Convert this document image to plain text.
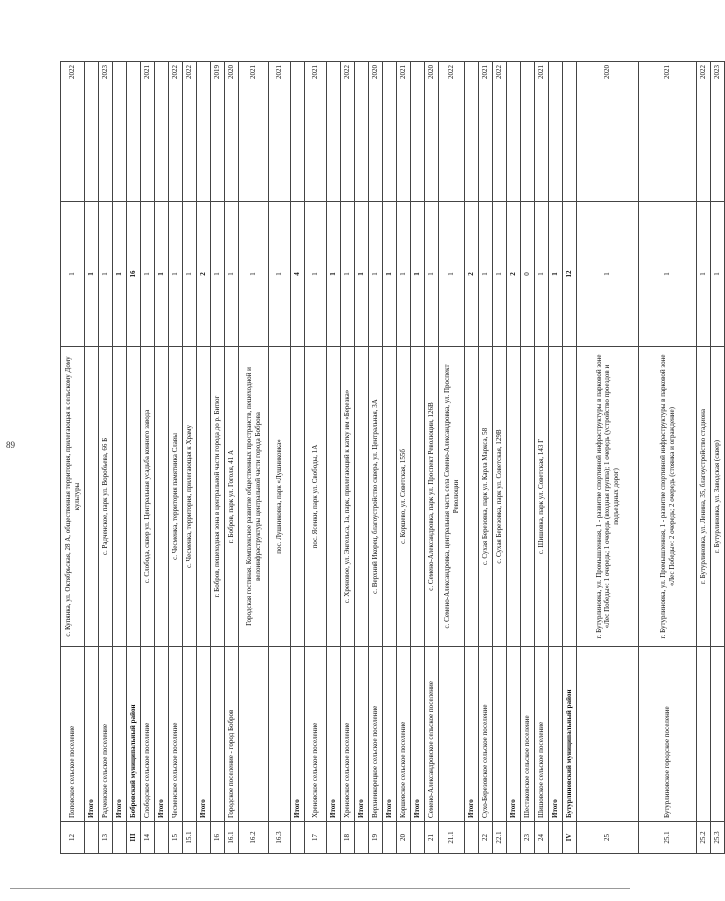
89
12	Поповское сельское поселение	с. Купянка, ул. Октябрьская, 28 А, общественная территория, прилегающая к сельскому Дому культуры	1	2022
	Итого		1	
13	Радченское сельское поселение	с. Радченское, парк ул. Воробьева, 66 Б	1	2023
	Итого		1	
III	Бобровский муниципальный район		16	
14	Слободское сельское поселение	с. Слобода, сквер ул. Центральная усадьба конного завода	1	2021
	Итого		1	
15	Чесменское сельское поселение	с. Чесменка, территория памятника Славы	1	2022
15.1		с. Чесменка, территория, прилегающая к Храму	1	2022
	Итого		2	
16		г. Бобров, пешеходная зона в центральной части города до р. Битюг	1	2019
16.1	Городское поселение - город Бобров	г. Бобров, парк ул. Гоголя, 41 А	1	2020
16.2		Городская гостиная. Комплексное развитие общественных пространств, пешеходной и велоинфраструктуры центральной части города Боброва	1	2021
16.3		пос. Лушниковка, парк «Лушниковка»	1	2021
	Итого		4	
17	Хреновское сельское поселение	пос. Ясенки, парк ул. Свободы, 1А	1	2021
	Итого		1	
18	Хреновское сельское поселение	с. Хреновое, ул. Энгельса, 1а, парк, прилегающий к катку им «Березка»	1	2022
	Итого		1	
19	Верхнеикорецкое сельское поселение	с. Верхний Икорец, благоустройство сквера, ул. Центральная, 3А	1	2020
	Итого		1	
20	Коршевское сельское поселение	с. Коршево, ул. Советская, 155б	1	2021
	Итого		1	
21	Семено-Александровское сельское поселение	с. Семено-Александровка, парк ул. Проспект Революции, 126В	1	2020
21.1		с. Семено-Александровка, центральная часть села Семено-Александровка, ул. Проспект Революции	1	2022
	Итого		2	
22	Сухо-Березовское сельское поселение	с. Сухая Березовка, парк ул. Карла Маркса, 58	1	2021
22.1		с. Сухая Березовка, парк ул. Советская, 129В	1	2022
	Итого		2	
23	Шестаковское сельское поселение		0	
24	Шишовское сельское поселение	с. Шишовка, парк ул. Советская, 143 Г	1	2021
	Итого		1	
IV	Бутурлиновский муниципальный район		12	
25		г. Бутурлиновка, ул. Промышленная, 1 - развитие спортивной инфраструктуры в парковой зоне «Лес Победы»: 1 очередь; 1 очередь (входная группа); 1 очередь (устройство проездов и подъездных дорог)	1	2020
25.1	Бутурлиновское городское поселение	г. Бутурлиновка, ул. Промышленная, 1 - развитие спортивной инфраструктуры в парковой зоне «Лес Победы»: 2 очередь; 2 очередь (стоянка и ограждение)	1	2021
25.2		г. Бутурлиновка, ул. Ленина, 35, благоустройство стадиона	1	2022
25.3		г. Бутурлиновка, ул. Заводская (сквер)	1	2023
